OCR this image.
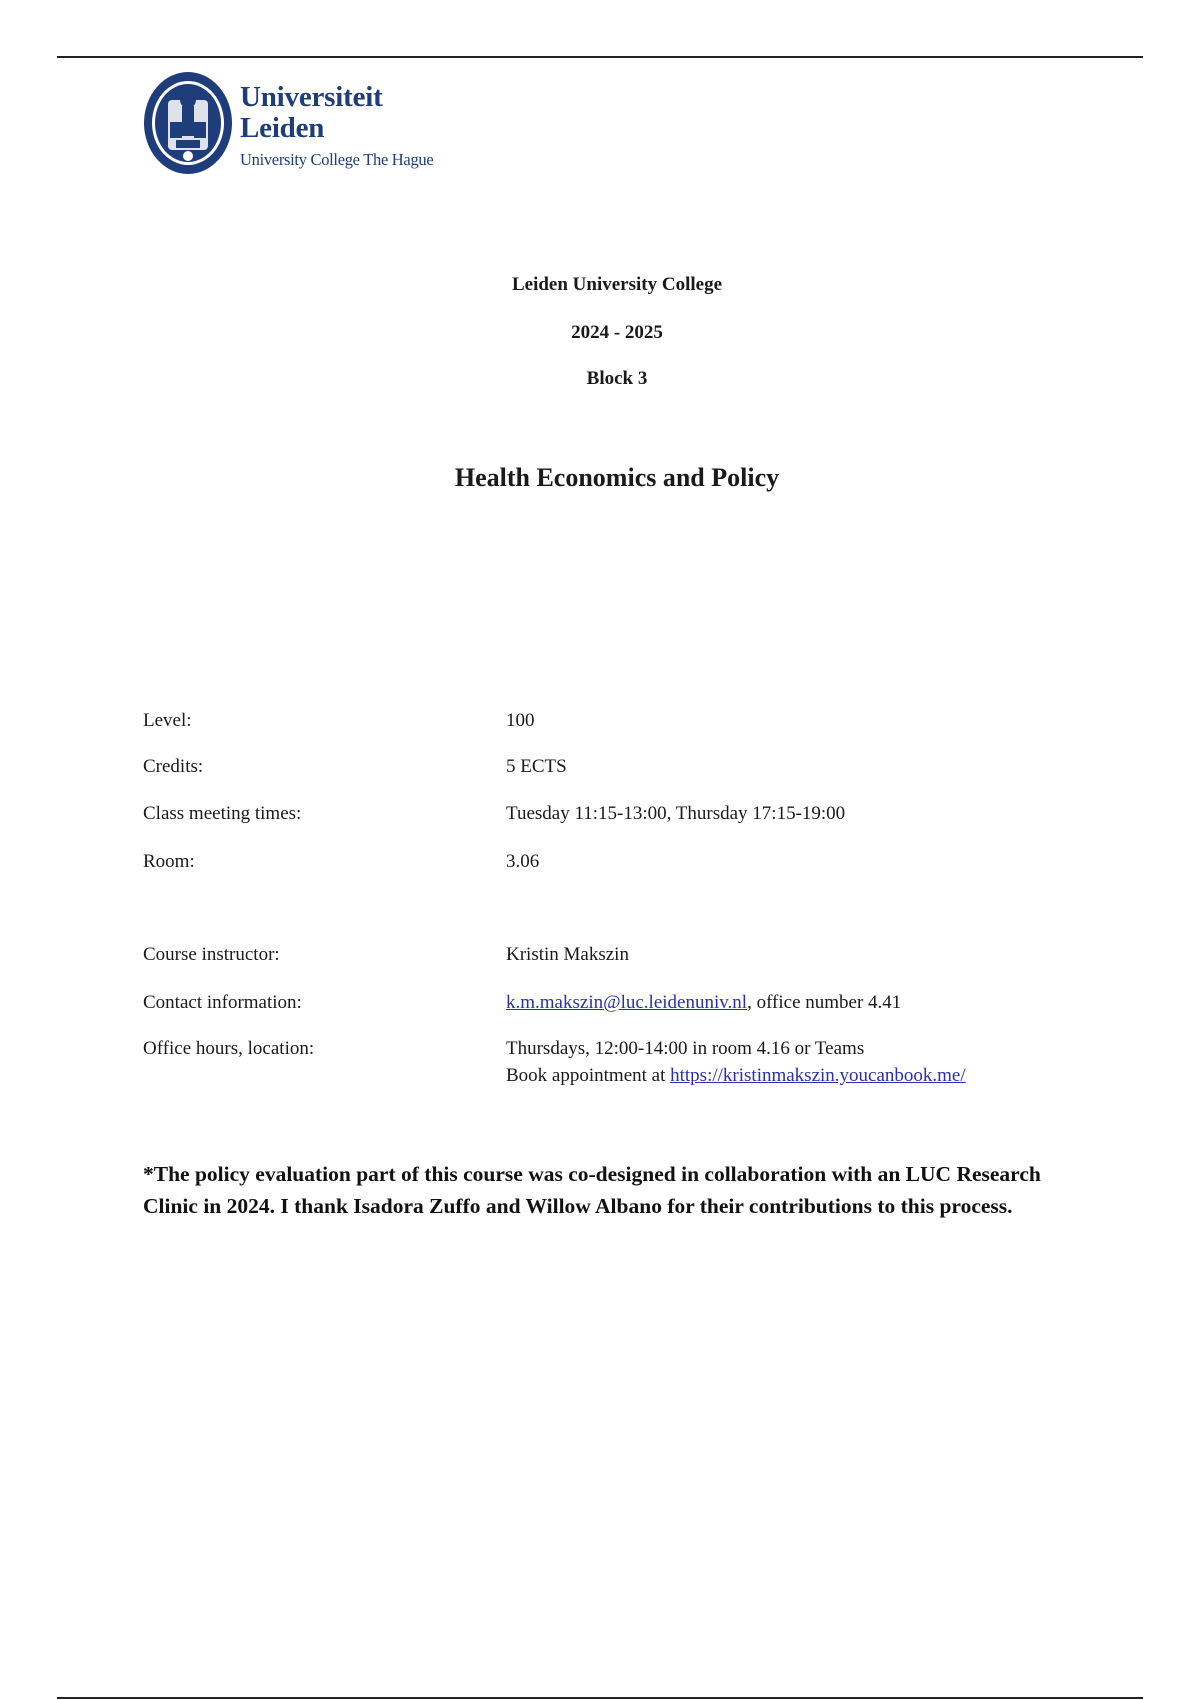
Universiteit
Leiden
University College The Hague
Leiden University College
2024 - 2025
Block 3
Health Economics and Policy
Level:	100
Credits:	5 ECTS
Class meeting times:	Tuesday 11:15-13:00, Thursday 17:15-19:00
Room:	3.06
Course instructor:	Kristin Makszin
Contact information:	k.m.makszin@luc.leidenuniv.nl, office number 4.41
Office hours, location:	Thursdays, 12:00-14:00 in room 4.16 or Teams
Book appointment at https://kristinmakszin.youcanbook.me/
*The policy evaluation part of this course was co-designed in collaboration with an LUC Research Clinic in 2024. I thank Isadora Zuffo and Willow Albano for their contributions to this process.
